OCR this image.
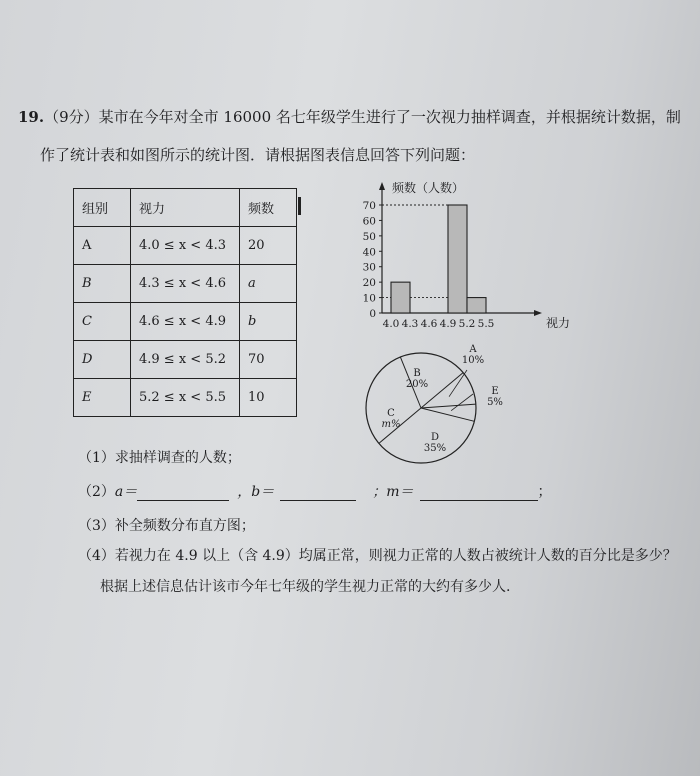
19.（9分）某市在今年对全市 16000 名七年级学生进行了一次视力抽样调查，并根据统计数据，制
作了统计表和如图所示的统计图．请根据图表信息回答下列问题：
组别	视力	频数
A	4.0 ≤ x < 4.3	20
B	4.3 ≤ x < 4.6	a
C	4.6 ≤ x < 4.9	b
D	4.9 ≤ x < 5.2	70
E	5.2 ≤ x < 5.5	10
0
10
20
30
40
50
60
70
4.0 4.3 4.6 4.9 5.2 5.5
频数（人数）
视力
B
20%
A
10%
E
5%
D
35%
C
m%
（1）求抽样调查的人数；
（2）a＝	，b＝	；m＝	；
（3）补全频数分布直方图；
（4）若视力在 4.9 以上（含 4.9）均属正常，则视力正常的人数占被统计人数的百分比是多少？
根据上述信息估计该市今年七年级的学生视力正常的大约有多少人.
